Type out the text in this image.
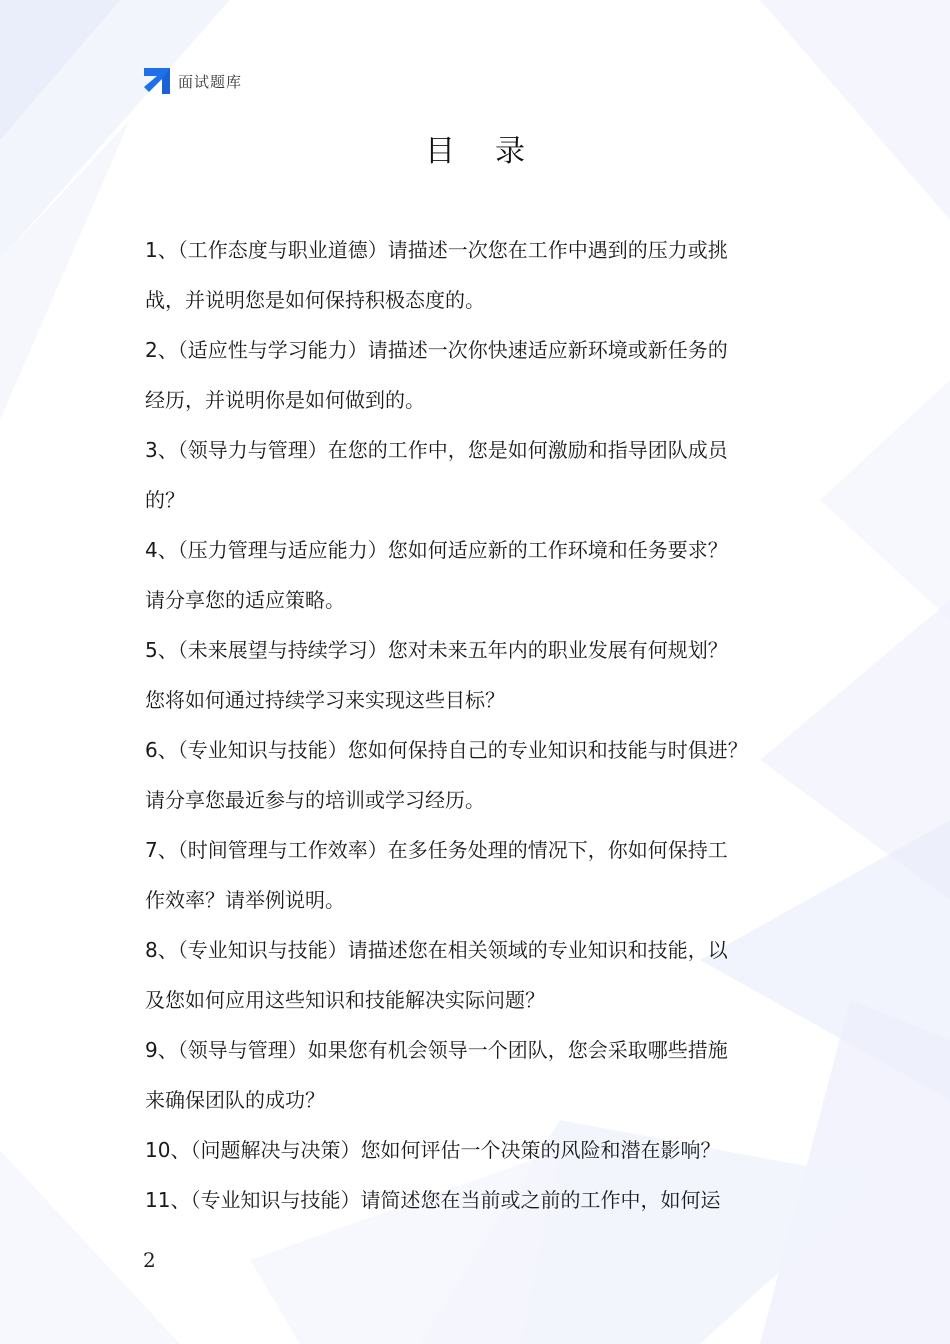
面试题库
目录
1、（工作态度与职业道德）请描述一次您在工作中遇到的压力或挑
战，并说明您是如何保持积极态度的。
2、（适应性与学习能力）请描述一次你快速适应新环境或新任务的
经历，并说明你是如何做到的。
3、（领导力与管理）在您的工作中，您是如何激励和指导团队成员
的？
4、（压力管理与适应能力）您如何适应新的工作环境和任务要求？
请分享您的适应策略。
5、（未来展望与持续学习）您对未来五年内的职业发展有何规划？
您将如何通过持续学习来实现这些目标？
6、（专业知识与技能）您如何保持自己的专业知识和技能与时俱进？
请分享您最近参与的培训或学习经历。
7、（时间管理与工作效率）在多任务处理的情况下，你如何保持工
作效率？请举例说明。
8、（专业知识与技能）请描述您在相关领域的专业知识和技能，以
及您如何应用这些知识和技能解决实际问题？
9、（领导与管理）如果您有机会领导一个团队，您会采取哪些措施
来确保团队的成功？
10、（问题解决与决策）您如何评估一个决策的风险和潜在影响？
11、（专业知识与技能）请简述您在当前或之前的工作中，如何运
2
